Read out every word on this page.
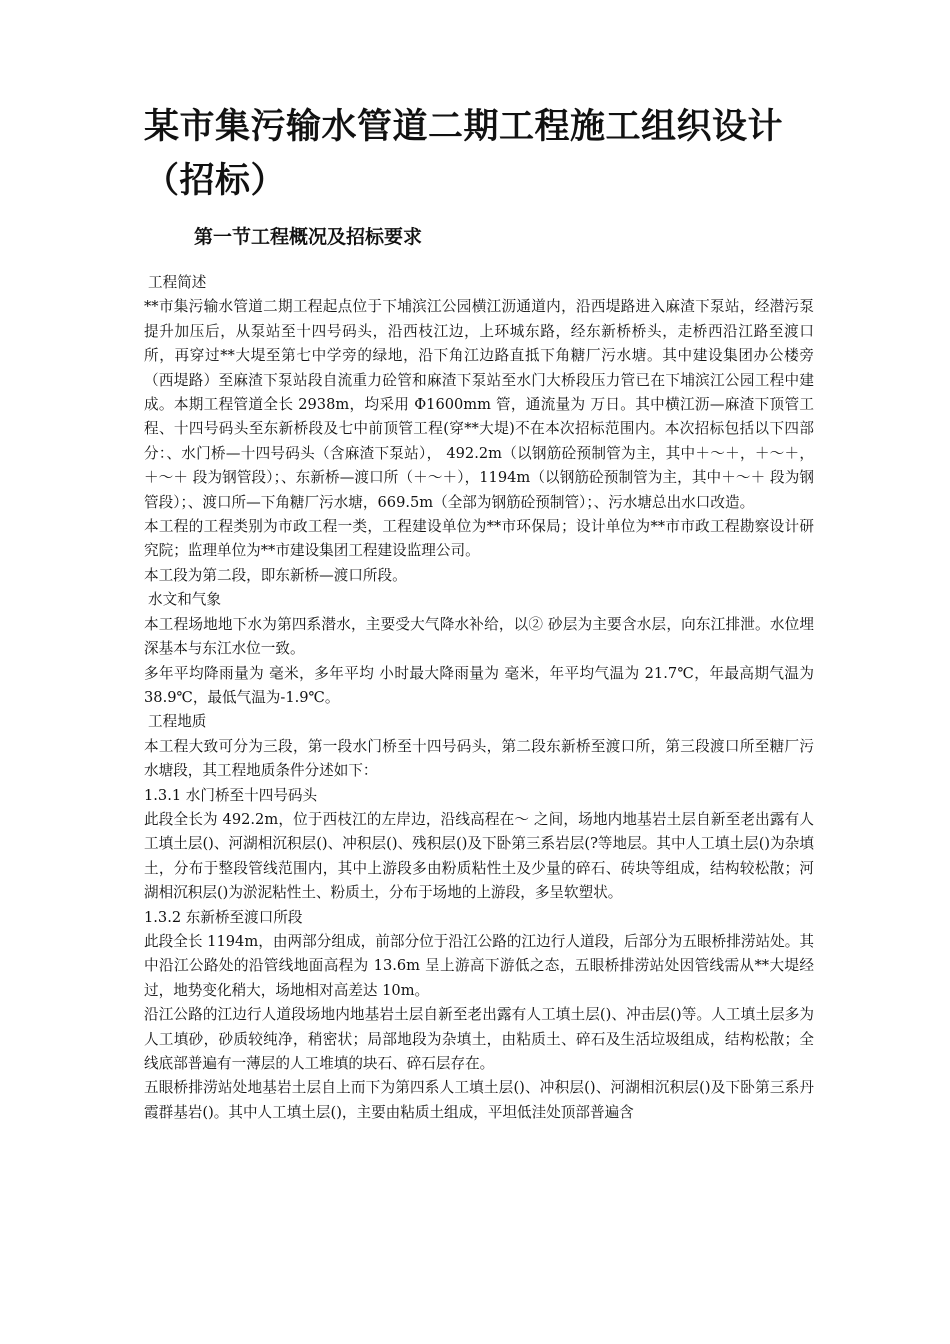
某市集污输水管道二期工程施工组织设计（招标）
第一节工程概况及招标要求

工程简述

**市集污输水管道二期工程起点位于下埔滨江公园横江沥通道内，沿西堤路进入麻渣下泵站，经潜污泵提升加压后，从泵站至十四号码头，沿西枝江边，上环城东路，经东新桥桥头，走桥西沿江路至渡口所，再穿过**大堤至第七中学旁的绿地，沿下角江边路直抵下角糖厂污水塘。其中建设集团办公楼旁（西堤路）至麻渣下泵站段自流重力砼管和麻渣下泵站至水门大桥段压力管已在下埔滨江公园工程中建成。本期工程管道全长 2938m，均采用 Φ1600mm 管，通流量为 万日。其中横江沥—麻渣下顶管工程、十四号码头至东新桥段及七中前顶管工程(穿**大堤)不在本次招标范围内。本次招标包括以下四部分：、水门桥—十四号码头（含麻渣下泵站）， 492.2m（以钢筋砼预制管为主，其中＋～＋，＋～＋，＋～＋ 段为钢管段）；、东新桥—渡口所（＋～＋），1194m（以钢筋砼预制管为主，其中＋～＋ 段为钢管段）；、渡口所—下角糖厂污水塘，669.5m（全部为钢筋砼预制管）；、污水塘总出水口改造。

本工程的工程类别为市政工程一类，工程建设单位为**市环保局；设计单位为**市市政工程勘察设计研究院；监理单位为**市建设集团工程建设监理公司。

本工段为第二段，即东新桥—渡口所段。

水文和气象

本工程场地地下水为第四系潜水，主要受大气降水补给，以② 砂层为主要含水层，向东江排泄。水位埋深基本与东江水位一致。

多年平均降雨量为 毫米，多年平均 小时最大降雨量为 毫米，年平均气温为 21.7℃，年最高期气温为 38.9℃，最低气温为-1.9℃。

工程地质

本工程大致可分为三段，第一段水门桥至十四号码头，第二段东新桥至渡口所，第三段渡口所至糖厂污水塘段，其工程地质条件分述如下：

1.3.1 水门桥至十四号码头

此段全长为 492.2m，位于西枝江的左岸边，沿线高程在～ 之间，场地内地基岩土层自新至老出露有人工填土层()、河湖相沉积层()、冲积层()、残积层()及下卧第三系岩层(?等地层。其中人工填土层()为杂填土，分布于整段管线范围内，其中上游段多由粉质粘性土及少量的碎石、砖块等组成，结构较松散；河湖相沉积层()为淤泥粘性土、粉质土，分布于场地的上游段，多呈软塑状。

1.3.2 东新桥至渡口所段

此段全长 1194m，由两部分组成，前部分位于沿江公路的江边行人道段，后部分为五眼桥排涝站处。其中沿江公路处的沿管线地面高程为 13.6m 呈上游高下游低之态，五眼桥排涝站处因管线需从**大堤经过，地势变化稍大，场地相对高差达 10m。

沿江公路的江边行人道段场地内地基岩土层自新至老出露有人工填土层()、冲击层()等。人工填土层多为人工填砂，砂质较纯净，稍密状；局部地段为杂填土，由粘质土、碎石及生活垃圾组成，结构松散；全线底部普遍有一薄层的人工堆填的块石、碎石层存在。

五眼桥排涝站处地基岩土层自上而下为第四系人工填土层()、冲积层()、河湖相沉积层()及下卧第三系丹霞群基岩()。其中人工填土层()，主要由粘质土组成，平坦低洼处顶部普遍含
